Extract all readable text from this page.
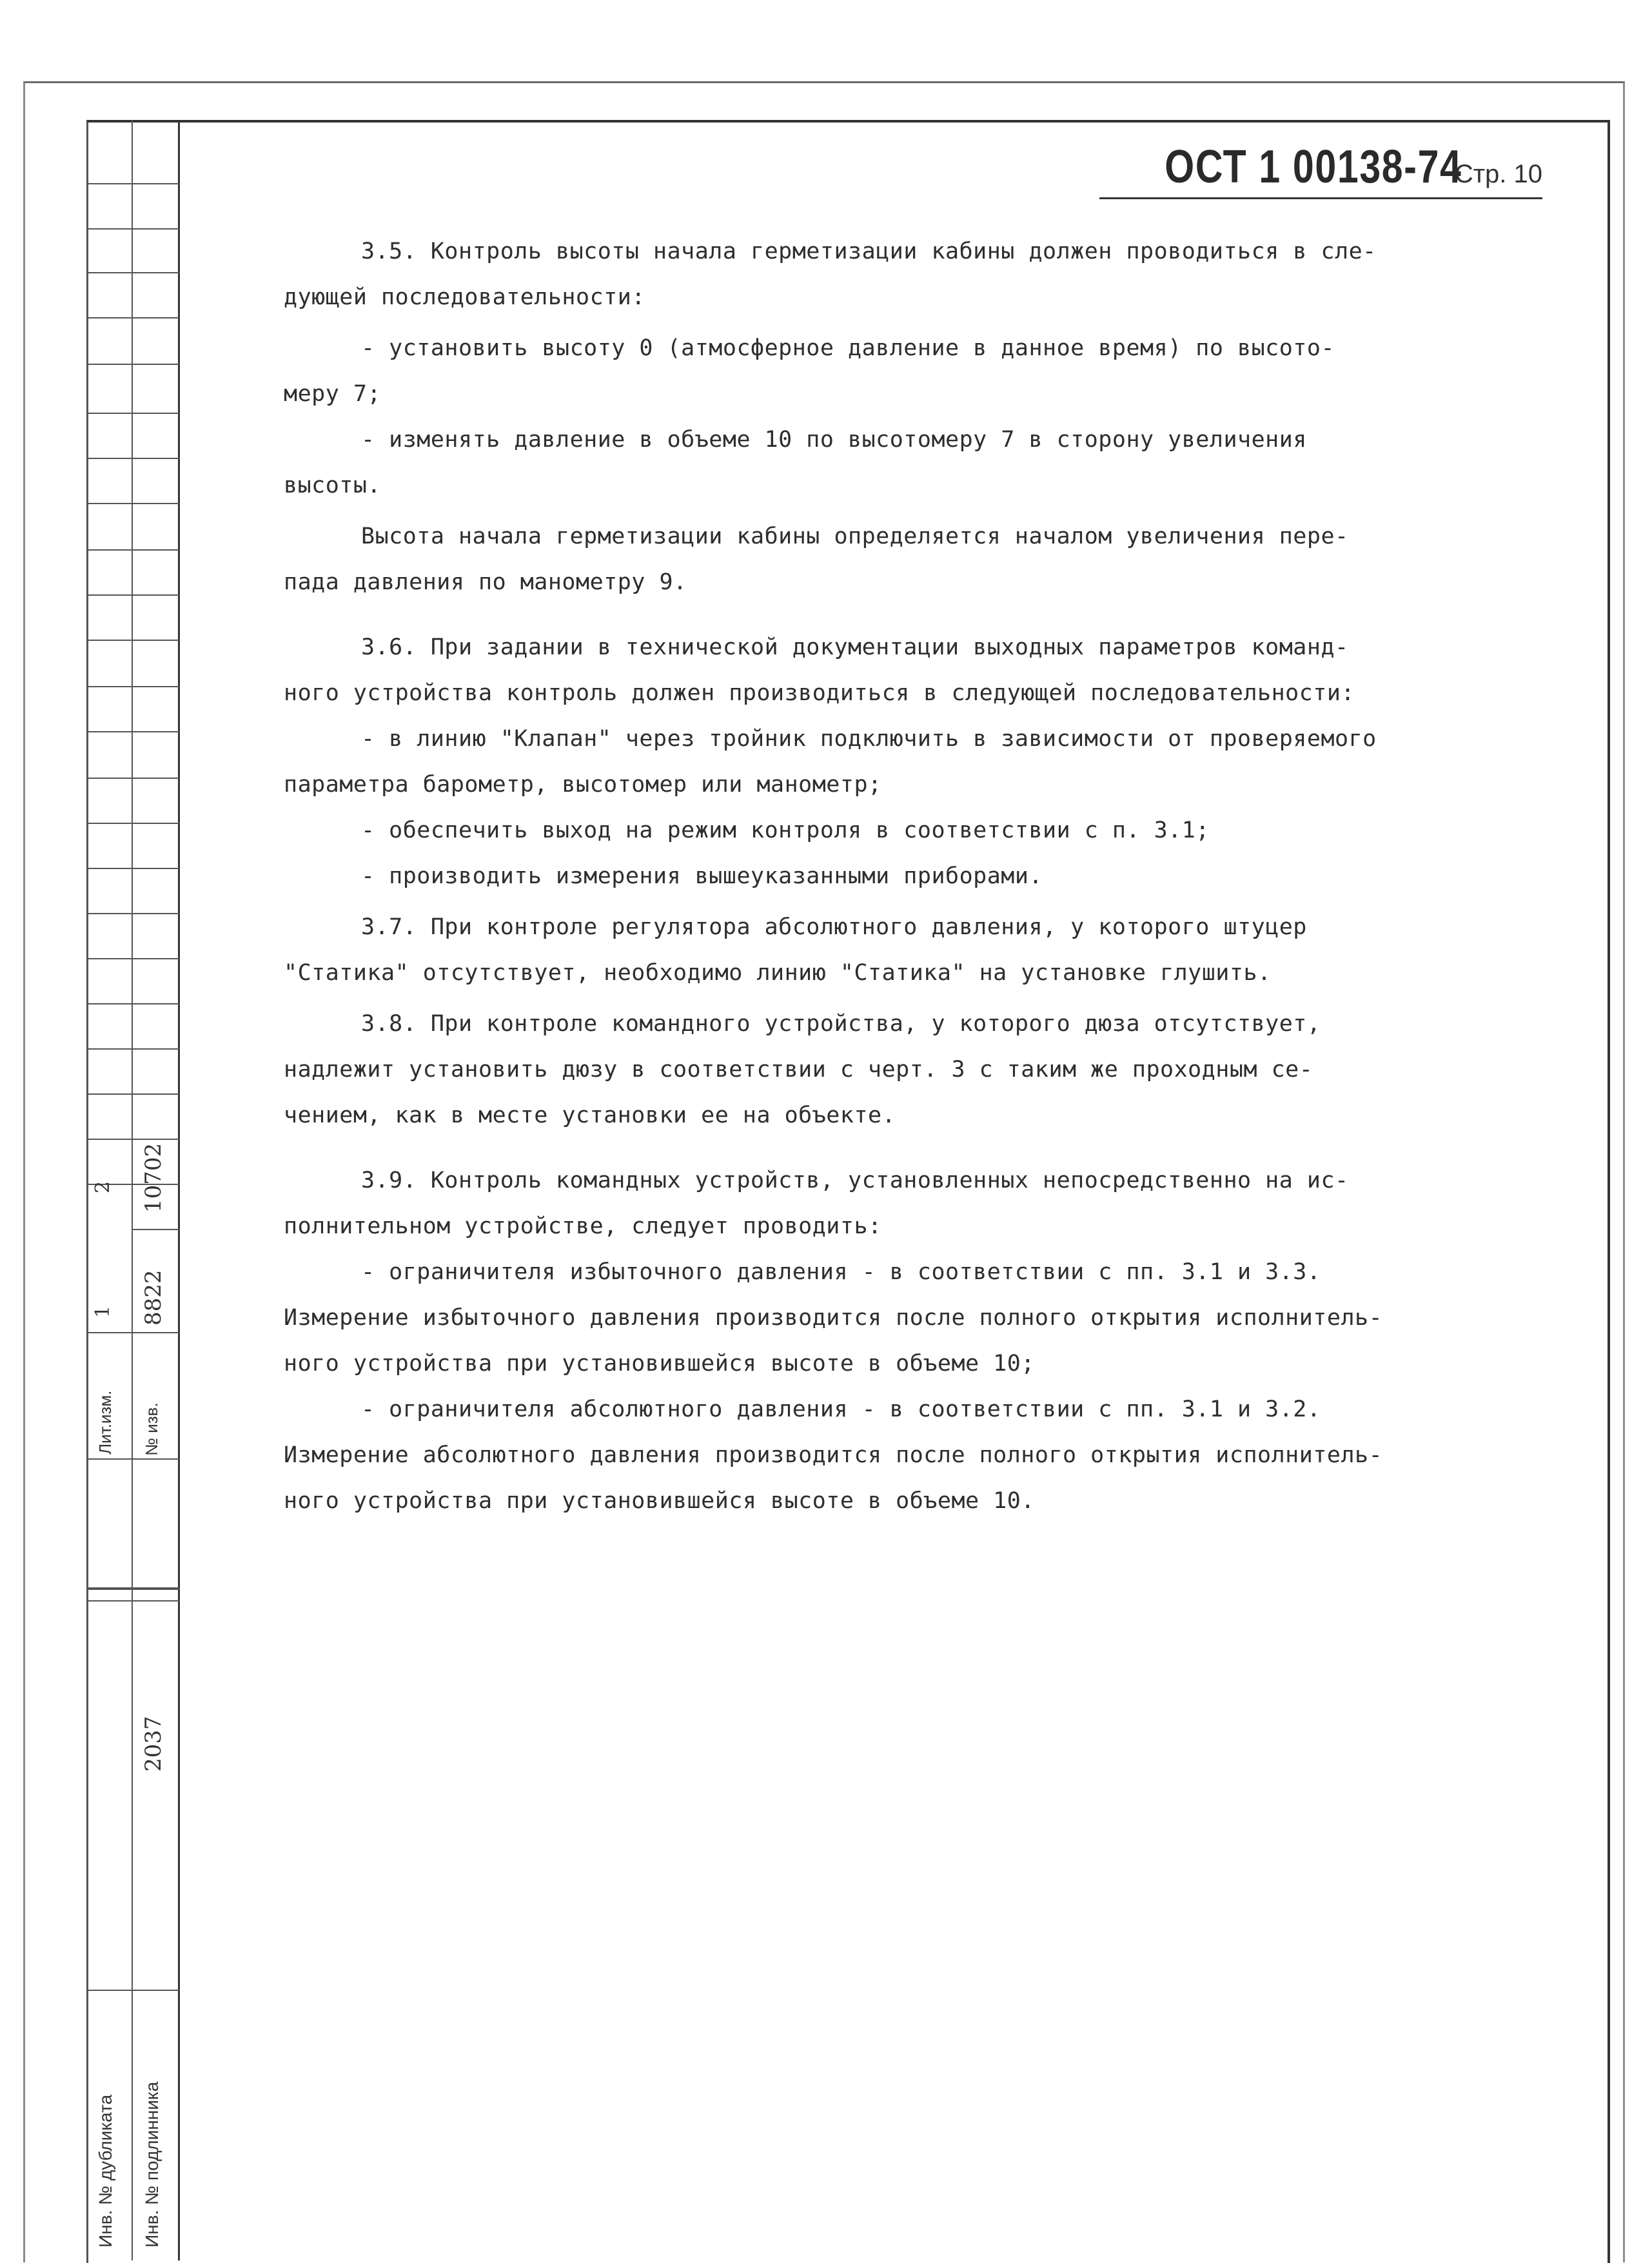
1
2
Лит.изм.
8822
10702
№ изв.
2037
Инв. № дубликата Инв. № подлинника
ОСТ 1 00138-74
Стр. 10

3.5. Контроль высоты начала герметизации кабины должен проводиться в сле-

дующей последовательности:

- установить высоту 0 (атмосферное давление в данное время) по высото-

меру 7;

- изменять давление в объеме 10 по высотомеру 7 в сторону увеличения

высоты.

Высота начала герметизации кабины определяется началом увеличения пере-

пада давления по манометру 9.

3.6. При задании в технической документации выходных параметров команд-

ного устройства контроль должен производиться в следующей последовательности:

- в линию "Клапан" через тройник подключить в зависимости от проверяемого

параметра барометр, высотомер или манометр;

- обеспечить выход на режим контроля в соответствии с п. 3.1;

- производить измерения вышеуказанными приборами.

3.7. При контроле регулятора абсолютного давления, у которого штуцер

"Статика" отсутствует, необходимо линию "Статика" на установке глушить.

3.8. При контроле командного устройства, у которого дюза отсутствует,

надлежит установить дюзу в соответствии с черт. 3 с таким же проходным се-

чением, как в месте установки ее на объекте.

3.9. Контроль командных устройств, установленных непосредственно на ис-

полнительном устройстве, следует проводить:

- ограничителя избыточного давления - в соответствии с пп. 3.1 и 3.3.

Измерение избыточного давления производится после полного открытия исполнитель-

ного устройства при установившейся высоте в объеме 10;

- ограничителя абсолютного давления - в соответствии с пп. 3.1 и 3.2.

Измерение абсолютного давления производится после полного открытия исполнитель-

ного устройства при установившейся высоте в объеме 10.
